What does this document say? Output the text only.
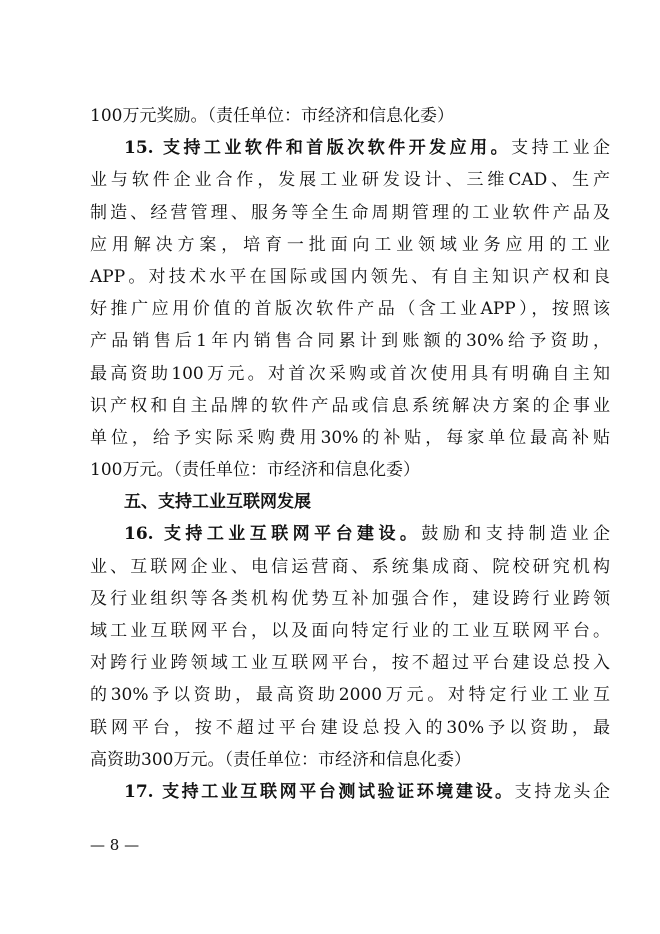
100万元奖励。（责任单位：市经济和信息化委）
15. 支持工业软件和首版次软件开发应用。支持工业企
业与软件企业合作，发展工业研发设计、三维CAD、生产
制造、经营管理、服务等全生命周期管理的工业软件产品及
应用解决方案，培育一批面向工业领域业务应用的工业
APP。对技术水平在国际或国内领先、有自主知识产权和良
好推广应用价值的首版次软件产品（含工业APP），按照该
产品销售后1年内销售合同累计到账额的30%给予资助，
最高资助100万元。对首次采购或首次使用具有明确自主知
识产权和自主品牌的软件产品或信息系统解决方案的企事业
单位，给予实际采购费用30%的补贴，每家单位最高补贴
100万元。（责任单位：市经济和信息化委）
五、支持工业互联网发展
16. 支持工业互联网平台建设。鼓励和支持制造业企
业、互联网企业、电信运营商、系统集成商、院校研究机构
及行业组织等各类机构优势互补加强合作，建设跨行业跨领
域工业互联网平台，以及面向特定行业的工业互联网平台。
对跨行业跨领域工业互联网平台，按不超过平台建设总投入
的30%予以资助，最高资助2000万元。对特定行业工业互
联网平台，按不超过平台建设总投入的30%予以资助，最
高资助300万元。（责任单位：市经济和信息化委）
17. 支持工业互联网平台测试验证环境建设。支持龙头企
— 8 —
